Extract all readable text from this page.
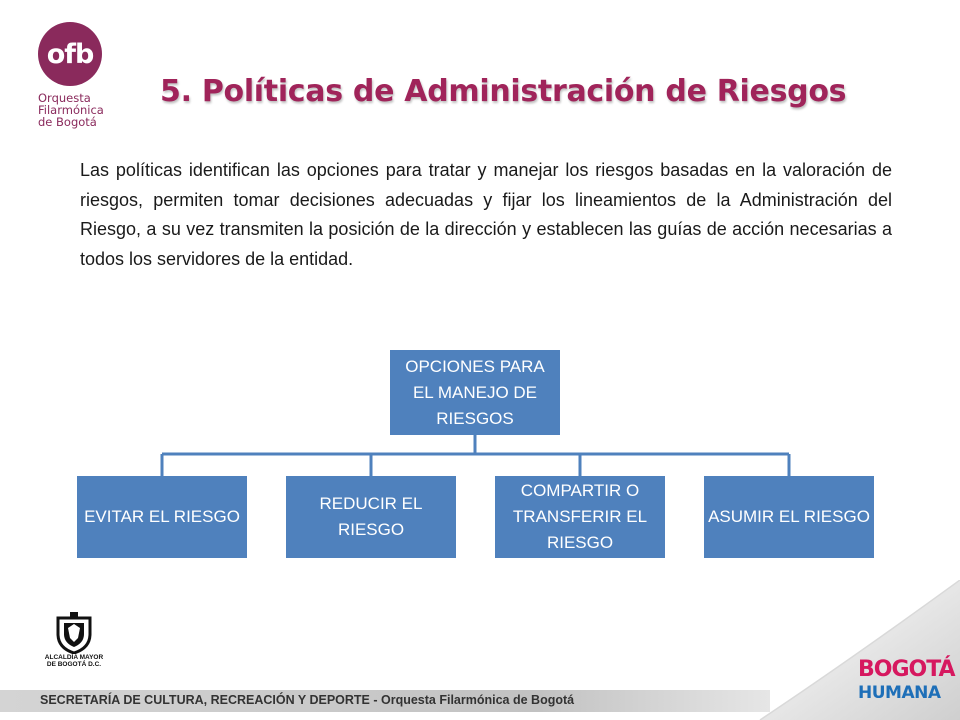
ofb
Orquesta
Filarmónica
de Bogotá
5. Políticas de Administración de Riesgos

Las políticas identifican las opciones para tratar y manejar los riesgos basadas en la valoración de riesgos, permiten tomar decisiones adecuadas y fijar los lineamientos de la Administración del Riesgo, a su vez transmiten la posición de la dirección y establecen las guías de acción necesarias a todos los servidores de la entidad.

OPCIONES PARA EL MANEJO DE RIESGOS
EVITAR EL RIESGO
REDUCIR EL RIESGO
COMPARTIR O TRANSFERIR EL RIESGO
ASUMIR EL RIESGO
ALCALDÍA MAYOR
DE BOGOTÁ D.C.
SECRETARÍA DE CULTURA, RECREACIÓN Y DEPORTE - Orquesta Filarmónica de Bogotá
BOGOTÁ
HUMANA
